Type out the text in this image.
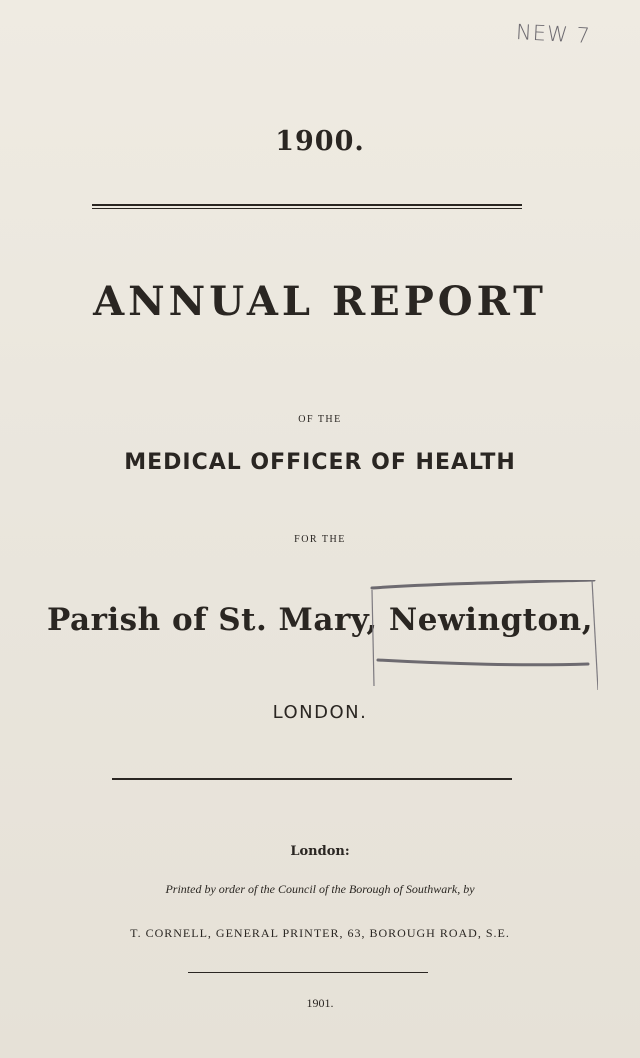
NEW 7
1900.
ANNUAL REPORT
OF THE
MEDICAL OFFICER OF HEALTH
FOR THE
Parish of St. Mary, Newington,
LONDON.
London:
Printed by order of the Council of the Borough of Southwark, by
T. CORNELL, GENERAL PRINTER, 63, BOROUGH ROAD, S.E.
1901.
